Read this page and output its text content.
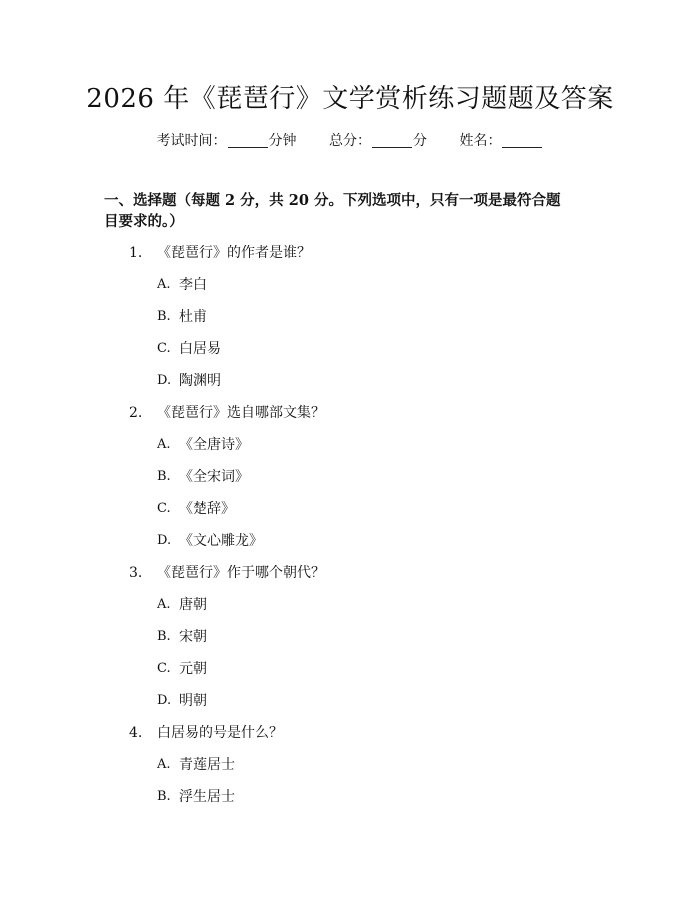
2026 年《琵琶行》文学赏析练习题题及答案
考试时间：	分钟 总分：	分 姓名：
一、选择题（每题 2 分，共 20 分。下列选项中，只有一项是最符合题目要求的。）
1. 《琵琶行》的作者是谁？
A. 李白
B. 杜甫
C. 白居易
D. 陶渊明
2. 《琵琶行》选自哪部文集？
A. 《全唐诗》
B. 《全宋词》
C. 《楚辞》
D. 《文心雕龙》
3. 《琵琶行》作于哪个朝代？
A. 唐朝
B. 宋朝
C. 元朝
D. 明朝
4. 白居易的号是什么？
A. 青莲居士
B. 浮生居士
